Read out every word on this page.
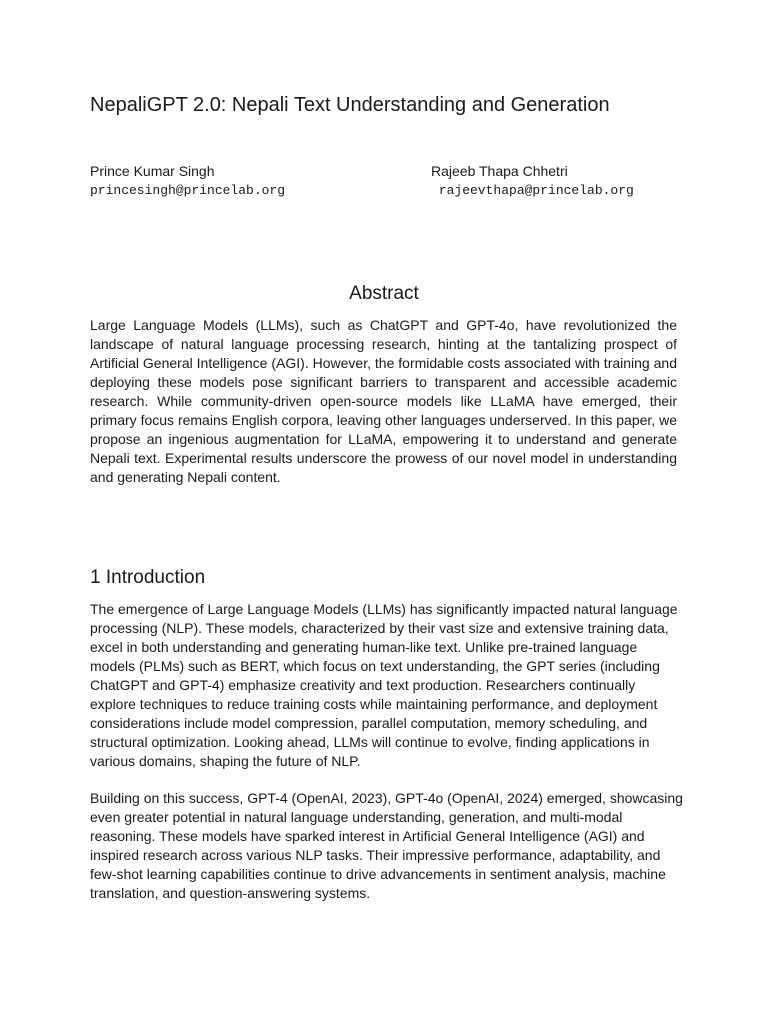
NepaliGPT 2.0: Nepali Text Understanding and Generation
Prince Kumar Singh
princesingh@princelab.org
Rajeeb Thapa Chhetri
rajeevthapa@princelab.org
Abstract

Large Language Models (LLMs), such as ChatGPT and GPT-4o, have revolutionized the landscape of natural language processing research, hinting at the tantalizing prospect of Artificial General Intelligence (AGI). However, the formidable costs associated with training and deploying these models pose significant barriers to transparent and accessible academic research. While community-driven open-source models like LLaMA have emerged, their primary focus remains English corpora, leaving other languages underserved. In this paper, we propose an ingenious augmentation for LLaMA, empowering it to understand and generate Nepali text. Experimental results underscore the prowess of our novel model in understanding and generating Nepali content.

1 Introduction

The emergence of Large Language Models (LLMs) has significantly impacted natural language processing (NLP). These models, characterized by their vast size and extensive training data, excel in both understanding and generating human-like text. Unlike pre-trained language models (PLMs) such as BERT, which focus on text understanding, the GPT series (including ChatGPT and GPT-4) emphasize creativity and text production. Researchers continually explore techniques to reduce training costs while maintaining performance, and deployment considerations include model compression, parallel computation, memory scheduling, and structural optimization. Looking ahead, LLMs will continue to evolve, finding applications in various domains, shaping the future of NLP.

Building on this success, GPT-4 (OpenAI, 2023), GPT-4o (OpenAI, 2024) emerged, showcasing even greater potential in natural language understanding, generation, and multi-modal reasoning. These models have sparked interest in Artificial General Intelligence (AGI) and inspired research across various NLP tasks. Their impressive performance, adaptability, and few-shot learning capabilities continue to drive advancements in sentiment analysis, machine translation, and question-answering systems.
